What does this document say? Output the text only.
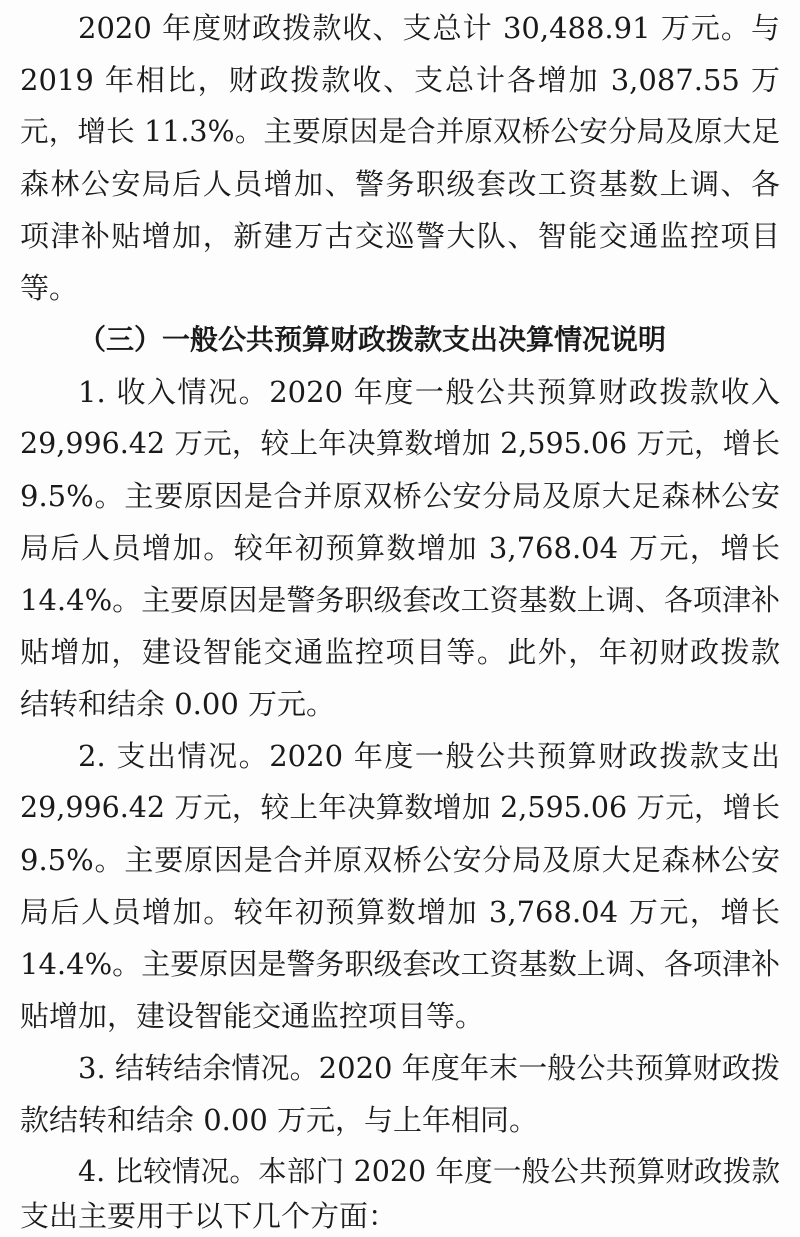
2020 年度财政拨款收、支总计 30,488.91 万元。与
2019 年相比，财政拨款收、支总计各增加 3,087.55 万
元，增长 11.3%。主要原因是合并原双桥公安分局及原大足
森林公安局后人员增加、警务职级套改工资基数上调、各
项津补贴增加，新建万古交巡警大队、智能交通监控项目
等。
（三）一般公共预算财政拨款支出决算情况说明
1. 收入情况。2020 年度一般公共预算财政拨款收入
29,996.42 万元，较上年决算数增加 2,595.06 万元，增长
9.5%。主要原因是合并原双桥公安分局及原大足森林公安
局后人员增加。较年初预算数增加 3,768.04 万元，增长
14.4%。主要原因是警务职级套改工资基数上调、各项津补
贴增加，建设智能交通监控项目等。此外，年初财政拨款
结转和结余 0.00 万元。
2. 支出情况。2020 年度一般公共预算财政拨款支出
29,996.42 万元，较上年决算数增加 2,595.06 万元，增长
9.5%。主要原因是合并原双桥公安分局及原大足森林公安
局后人员增加。较年初预算数增加 3,768.04 万元，增长
14.4%。主要原因是警务职级套改工资基数上调、各项津补
贴增加，建设智能交通监控项目等。
3. 结转结余情况。2020 年度年末一般公共预算财政拨
款结转和结余 0.00 万元，与上年相同。
4. 比较情况。本部门 2020 年度一般公共预算财政拨款
支出主要用于以下几个方面：
